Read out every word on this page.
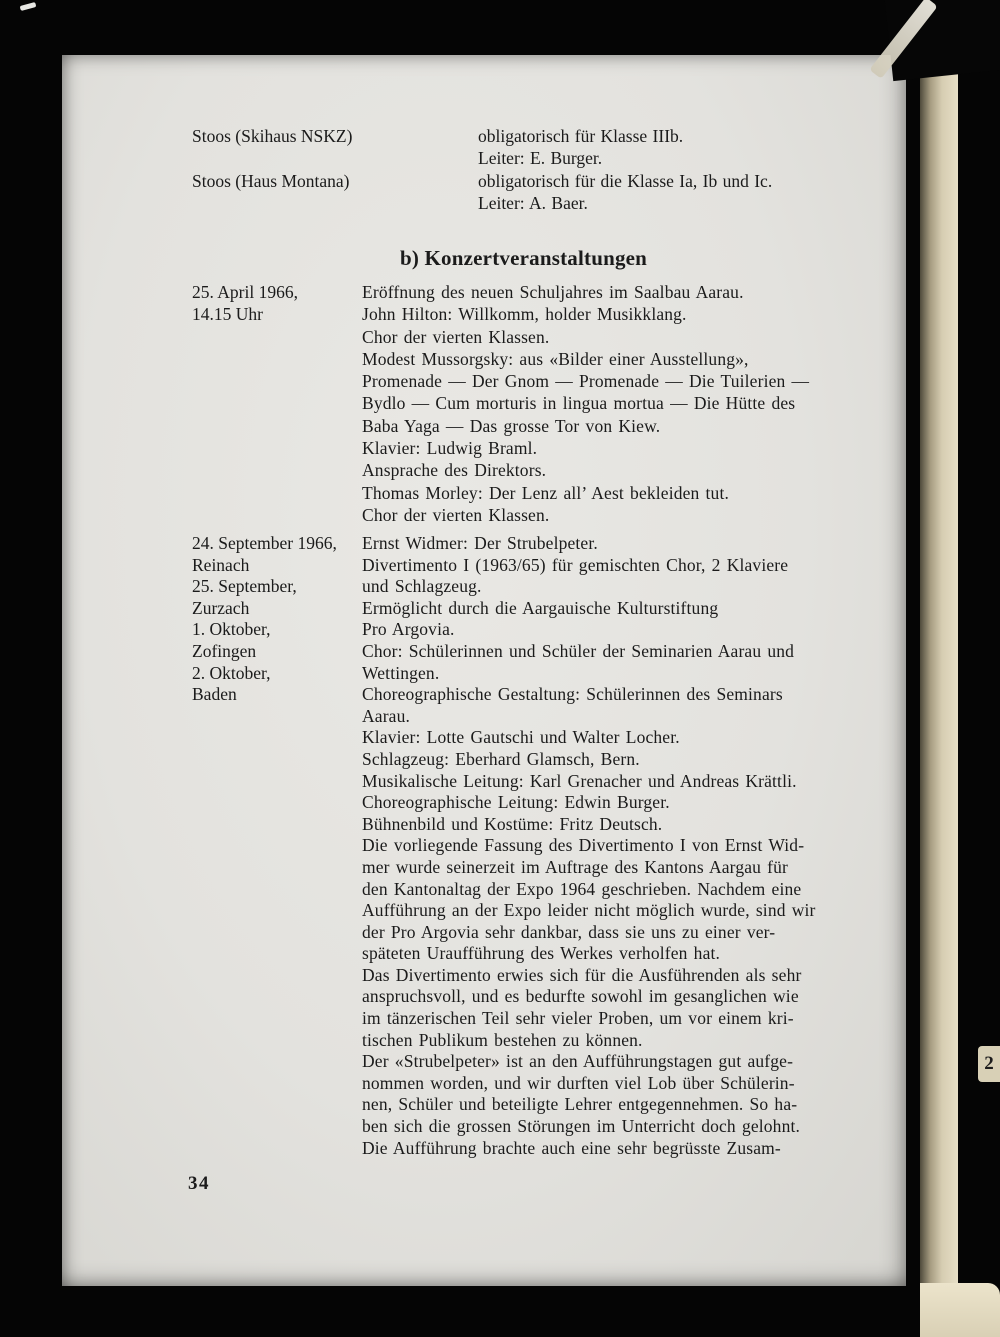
Stoos (Skihaus NSKZ)	obligatorisch für Klasse IIIb.
Leiter: E. Burger.
Stoos (Haus Montana)	obligatorisch für die Klasse Ia, Ib und Ic.
Leiter: A. Baer.
b) Konzertveranstaltungen
25. April 1966,
14.15 Uhr
Eröffnung des neuen Schuljahres im Saalbau Aarau.
John Hilton: Willkomm, holder Musikklang.
Chor der vierten Klassen.
Modest Mussorgsky: aus «Bilder einer Ausstellung»,
Promenade — Der Gnom — Promenade — Die Tuilerien —
Bydlo — Cum morturis in lingua mortua — Die Hütte des
Baba Yaga — Das grosse Tor von Kiew.
Klavier: Ludwig Braml.
Ansprache des Direktors.
Thomas Morley: Der Lenz all’ Aest bekleiden tut.
Chor der vierten Klassen.
24. September 1966,
Reinach
25. September,
Zurzach
1. Oktober,
Zofingen
2. Oktober,
Baden
Ernst Widmer: Der Strubelpeter.
Divertimento I (1963/65) für gemischten Chor, 2 Klaviere
und Schlagzeug.
Ermöglicht durch die Aargauische Kulturstiftung
Pro Argovia.
Chor: Schülerinnen und Schüler der Seminarien Aarau und
Wettingen.
Choreographische Gestaltung: Schülerinnen des Seminars
Aarau.
Klavier: Lotte Gautschi und Walter Locher.
Schlagzeug: Eberhard Glamsch, Bern.
Musikalische Leitung: Karl Grenacher und Andreas Krättli.
Choreographische Leitung: Edwin Burger.
Bühnenbild und Kostüme: Fritz Deutsch.
Die vorliegende Fassung des Divertimento I von Ernst Wid-
mer wurde seinerzeit im Auftrage des Kantons Aargau für
den Kantonaltag der Expo 1964 geschrieben. Nachdem eine
Aufführung an der Expo leider nicht möglich wurde, sind wir
der Pro Argovia sehr dankbar, dass sie uns zu einer ver-
späteten Uraufführung des Werkes verholfen hat.
Das Divertimento erwies sich für die Ausführenden als sehr
anspruchsvoll, und es bedurfte sowohl im gesanglichen wie
im tänzerischen Teil sehr vieler Proben, um vor einem kri-
tischen Publikum bestehen zu können.
Der «Strubelpeter» ist an den Aufführungstagen gut aufge-
nommen worden, und wir durften viel Lob über Schülerin-
nen, Schüler und beteiligte Lehrer entgegennehmen. So ha-
ben sich die grossen Störungen im Unterricht doch gelohnt.
Die Aufführung brachte auch eine sehr begrüsste Zusam-
34
2
